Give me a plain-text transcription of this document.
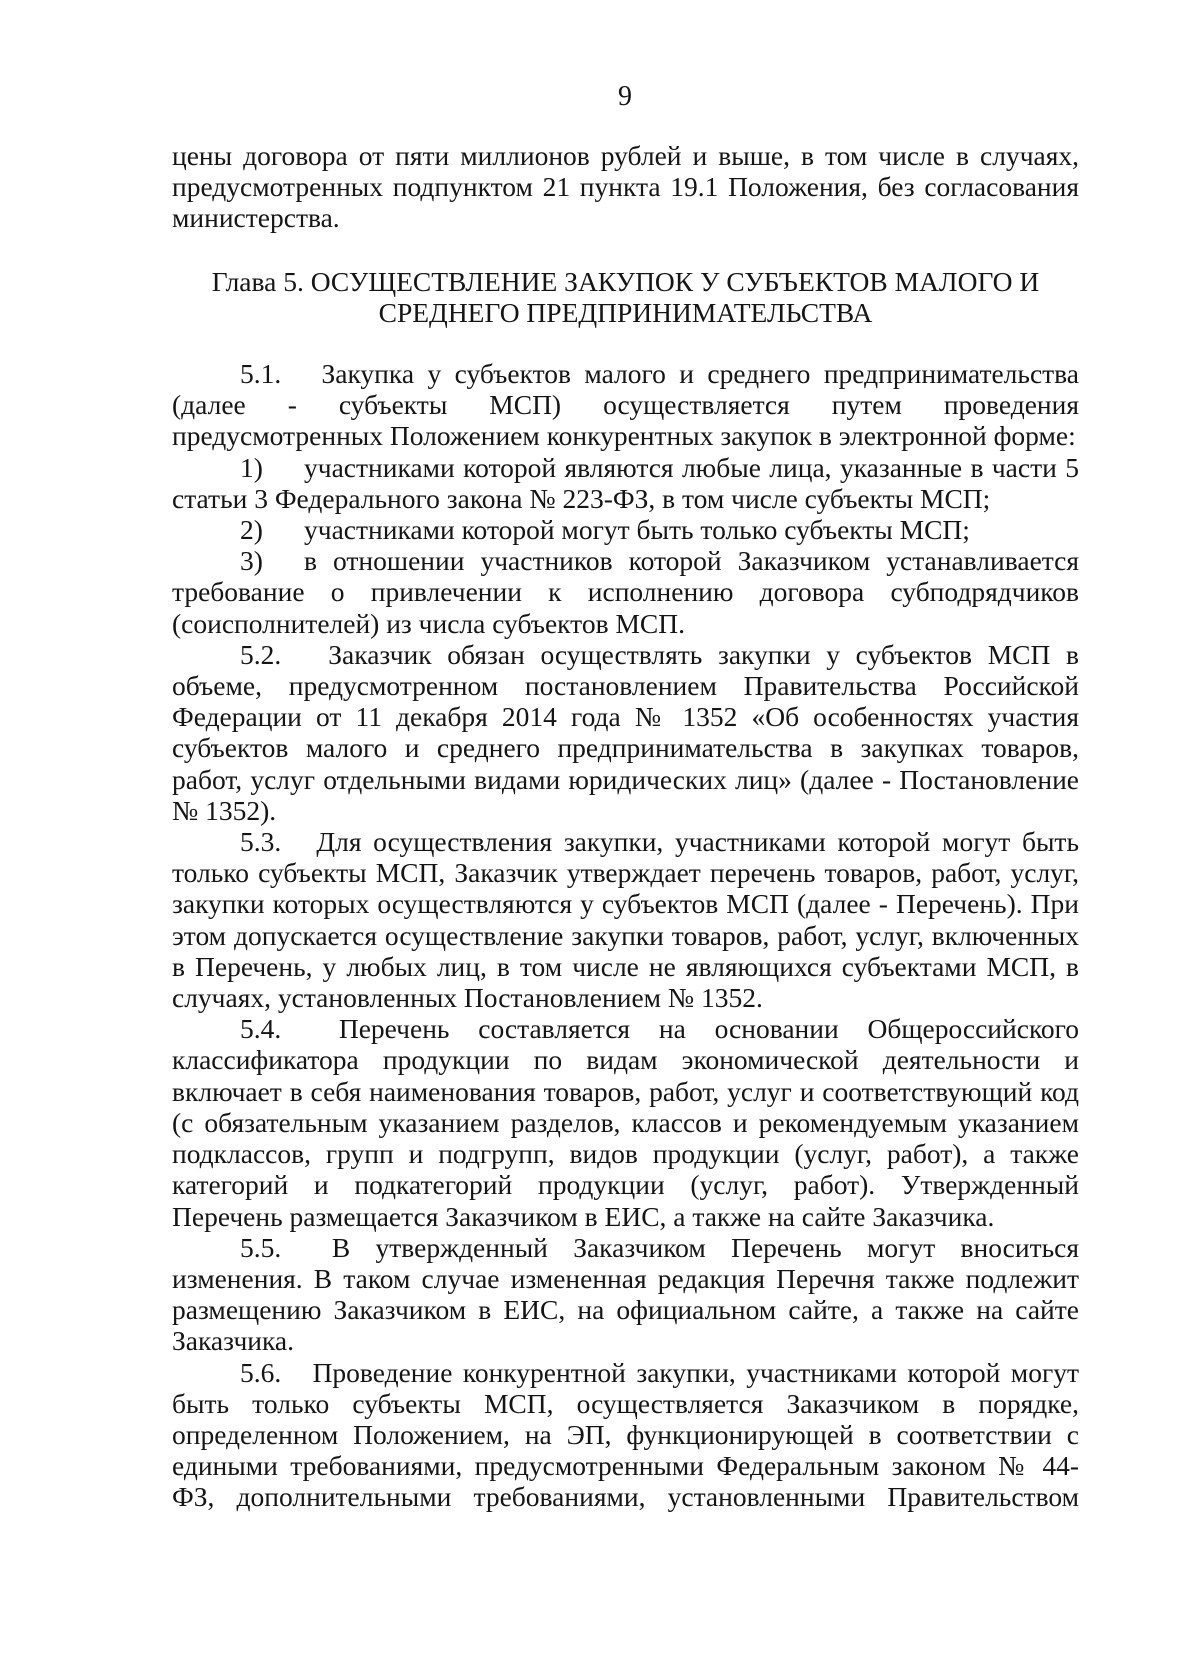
9

цены договора от пяти миллионов рублей и выше, в том числе в случаях, предусмотренных подпунктом 21 пункта 19.1 Положения, без согласования министерства.

Глава 5. ОСУЩЕСТВЛЕНИЕ ЗАКУПОК У СУБЪЕКТОВ МАЛОГО И
СРЕДНЕГО ПРЕДПРИНИМАТЕЛЬСТВА

5.1. Закупка у субъектов малого и среднего предпринимательства (далее - субъекты МСП) осуществляется путем проведения предусмотренных Положением конкурентных закупок в электронной форме:

1) участниками которой являются любые лица, указанные в части 5 статьи 3 Федерального закона № 223-ФЗ, в том числе субъекты МСП;

2) участниками которой могут быть только субъекты МСП;

3) в отношении участников которой Заказчиком устанавливается требование о привлечении к исполнению договора субподрядчиков (соисполнителей) из числа субъектов МСП.

5.2. Заказчик обязан осуществлять закупки у субъектов МСП в объеме, предусмотренном постановлением Правительства Российской Федерации от 11 декабря 2014 года № 1352 «Об особенностях участия субъектов малого и среднего предпринимательства в закупках товаров, работ, услуг отдельными видами юридических лиц» (далее - Постановление № 1352).

5.3. Для осуществления закупки, участниками которой могут быть только субъекты МСП, Заказчик утверждает перечень товаров, работ, услуг, закупки которых осуществляются у субъектов МСП (далее - Перечень). При этом допускается осуществление закупки товаров, работ, услуг, включенных в Перечень, у любых лиц, в том числе не являющихся субъектами МСП, в случаях, установленных Постановлением № 1352.

5.4. Перечень составляется на основании Общероссийского классификатора продукции по видам экономической деятельности и включает в себя наименования товаров, работ, услуг и соответствующий код (с обязательным указанием разделов, классов и рекомендуемым указанием подклассов, групп и подгрупп, видов продукции (услуг, работ), а также категорий и подкатегорий продукции (услуг, работ). Утвержденный Перечень размещается Заказчиком в ЕИС, а также на сайте Заказчика.

5.5. В утвержденный Заказчиком Перечень могут вноситься изменения. В таком случае измененная редакция Перечня также подлежит размещению Заказчиком в ЕИС, на официальном сайте, а также на сайте Заказчика.

5.6. Проведение конкурентной закупки, участниками которой могут быть только субъекты МСП, осуществляется Заказчиком в порядке, определенном Положением, на ЭП, функционирующей в соответствии с едиными требованиями, предусмотренными Федеральным законом № 44-ФЗ, дополнительными требованиями, установленными Правительством
